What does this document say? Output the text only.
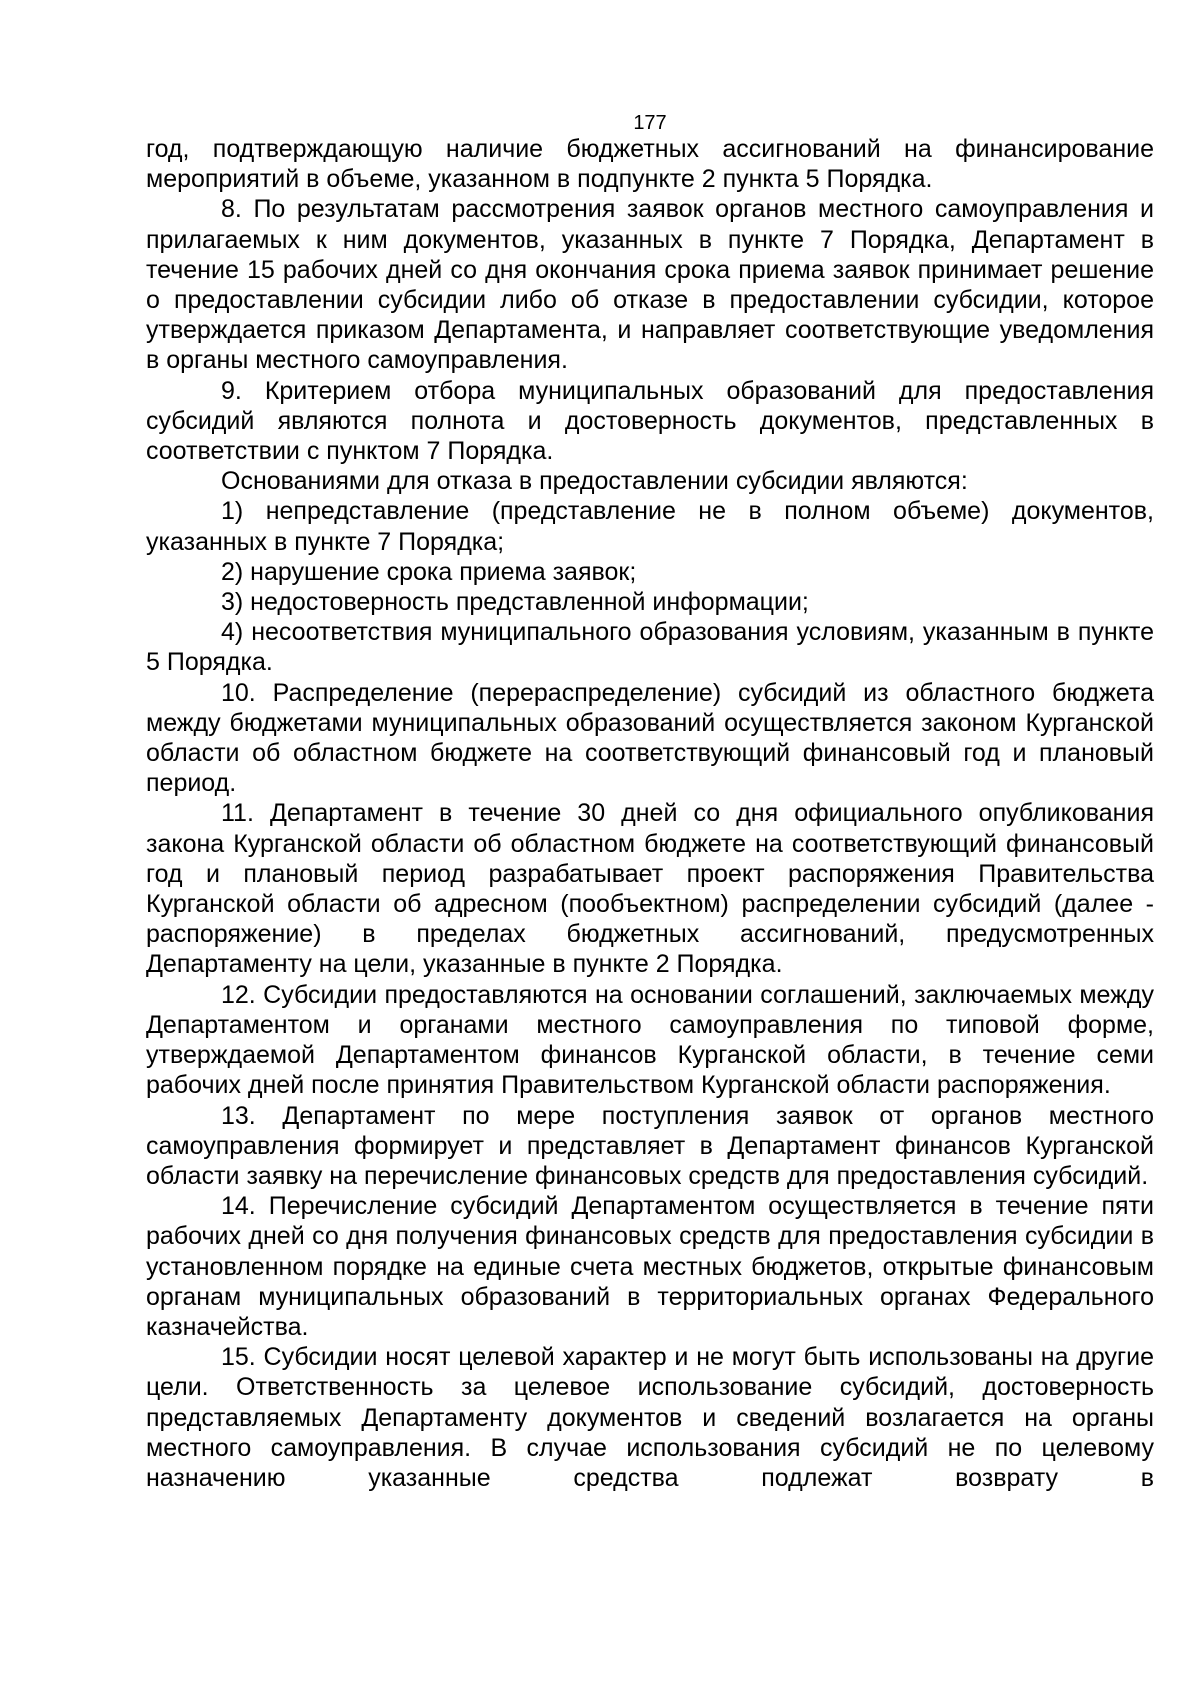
177

год, подтверждающую наличие бюджетных ассигнований на финансирование мероприятий в объеме, указанном в подпункте 2 пункта 5 Порядка.

8. По результатам рассмотрения заявок органов местного самоуправления и прилагаемых к ним документов, указанных в пункте 7 Порядка, Департамент в течение 15 рабочих дней со дня окончания срока приема заявок принимает решение о предоставлении субсидии либо об отказе в предоставлении субсидии, которое утверждается приказом Департамента, и направляет соответствующие уведомления в органы местного самоуправления.

9. Критерием отбора муниципальных образований для предоставления субсидий являются полнота и достоверность документов, представленных в соответствии с пунктом 7 Порядка.

Основаниями для отказа в предоставлении субсидии являются:

1) непредставление (представление не в полном объеме) документов, указанных в пункте 7 Порядка;

2) нарушение срока приема заявок;

3) недостоверность представленной информации;

4) несоответствия муниципального образования условиям, указанным в пункте 5 Порядка.

10. Распределение (перераспределение) субсидий из областного бюджета между бюджетами муниципальных образований осуществляется законом Курганской области об областном бюджете на соответствующий финансовый год и плановый период.

11. Департамент в течение 30 дней со дня официального опубликования закона Курганской области об областном бюджете на соответствующий финансовый год и плановый период разрабатывает проект распоряжения Правительства Курганской области об адресном (пообъектном) распределении субсидий (далее - распоряжение) в пределах бюджетных ассигнований, предусмотренных Департаменту на цели, указанные в пункте 2 Порядка.

12. Субсидии предоставляются на основании соглашений, заключаемых между Департаментом и органами местного самоуправления по типовой форме, утверждаемой Департаментом финансов Курганской области, в течение семи рабочих дней после принятия Правительством Курганской области распоряжения.

13. Департамент по мере поступления заявок от органов местного самоуправления формирует и представляет в Департамент финансов Курганской области заявку на перечисление финансовых средств для предоставления субсидий.

14. Перечисление субсидий Департаментом осуществляется в течение пяти рабочих дней со дня получения финансовых средств для предоставления субсидии в установленном порядке на единые счета местных бюджетов, открытые финансовым органам муниципальных образований в территориальных органах Федерального казначейства.

15. Субсидии носят целевой характер и не могут быть использованы на другие цели. Ответственность за целевое использование субсидий, достоверность представляемых Департаменту документов и сведений возлагается на органы местного самоуправления. В случае использования субсидий не по целевому назначению указанные средства подлежат возврату в
